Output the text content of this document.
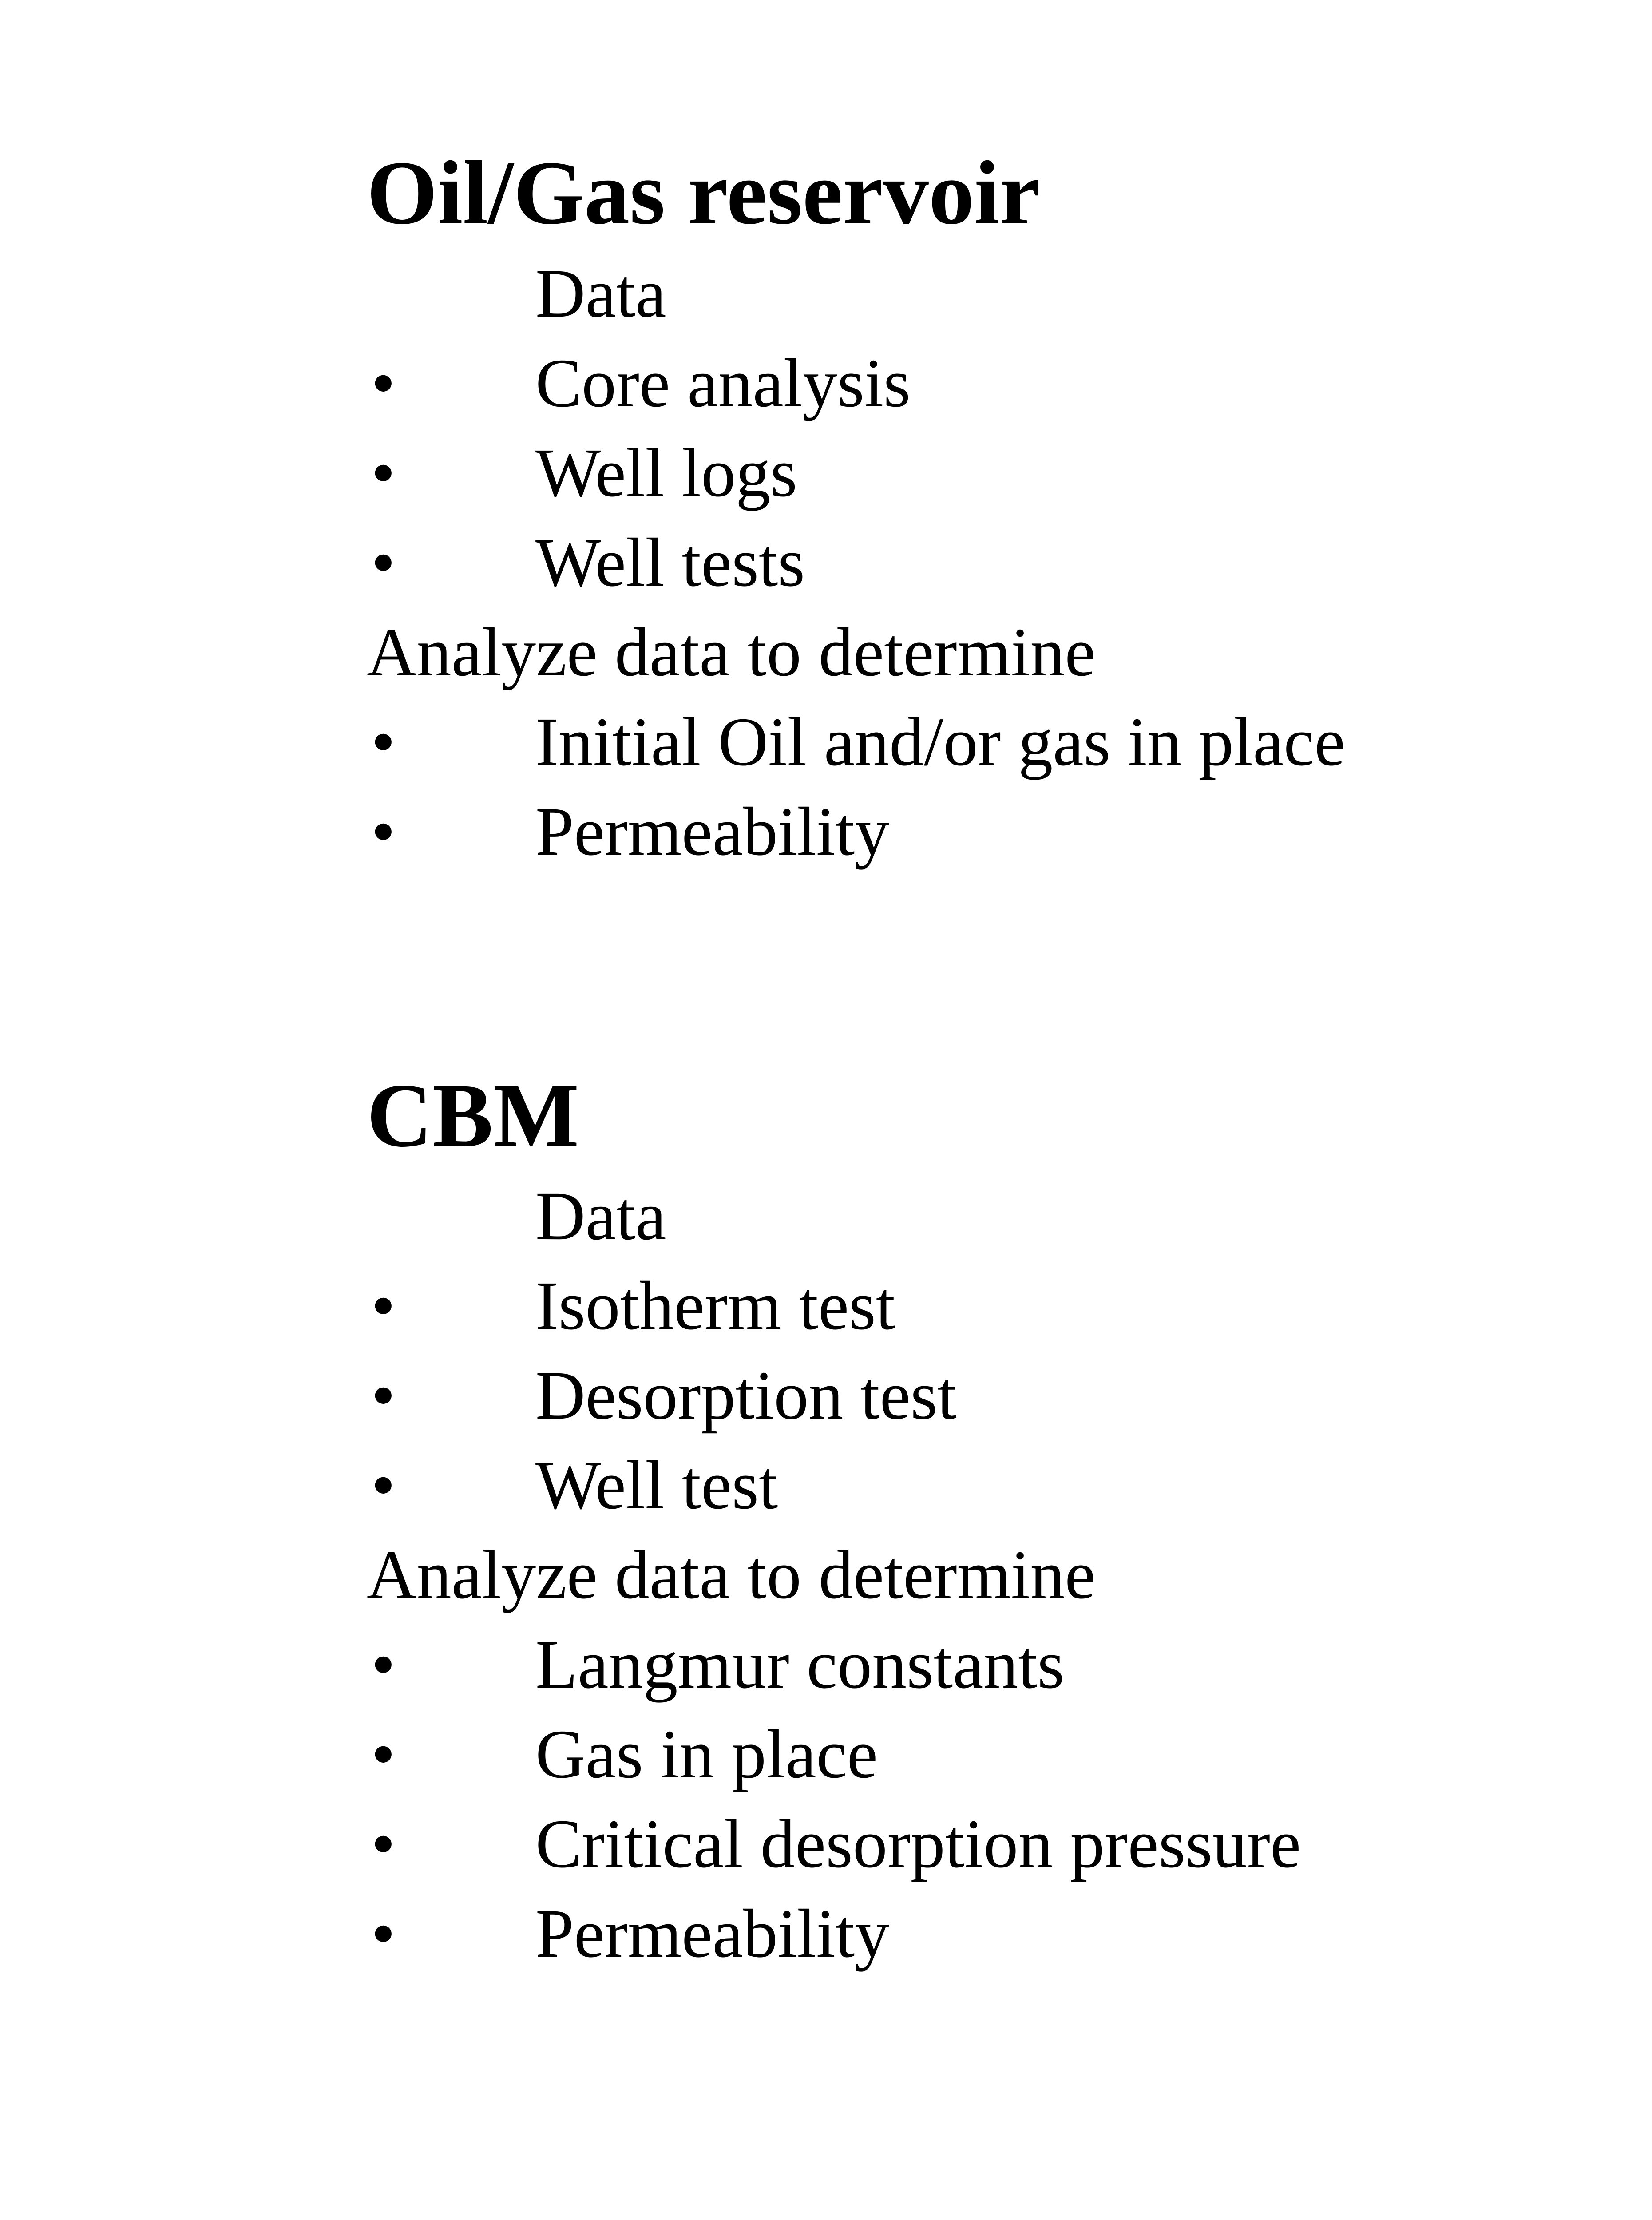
Oil/Gas reservoir
Data
• Core analysis
• Well logs
• Well tests
Analyze data to determine
• Initial Oil and/or gas in place
• Permeability
CBM
Data
• Isotherm test
• Desorption test
• Well test
Analyze data to determine
• Langmur constants
• Gas in place
• Critical desorption pressure
• Permeability
